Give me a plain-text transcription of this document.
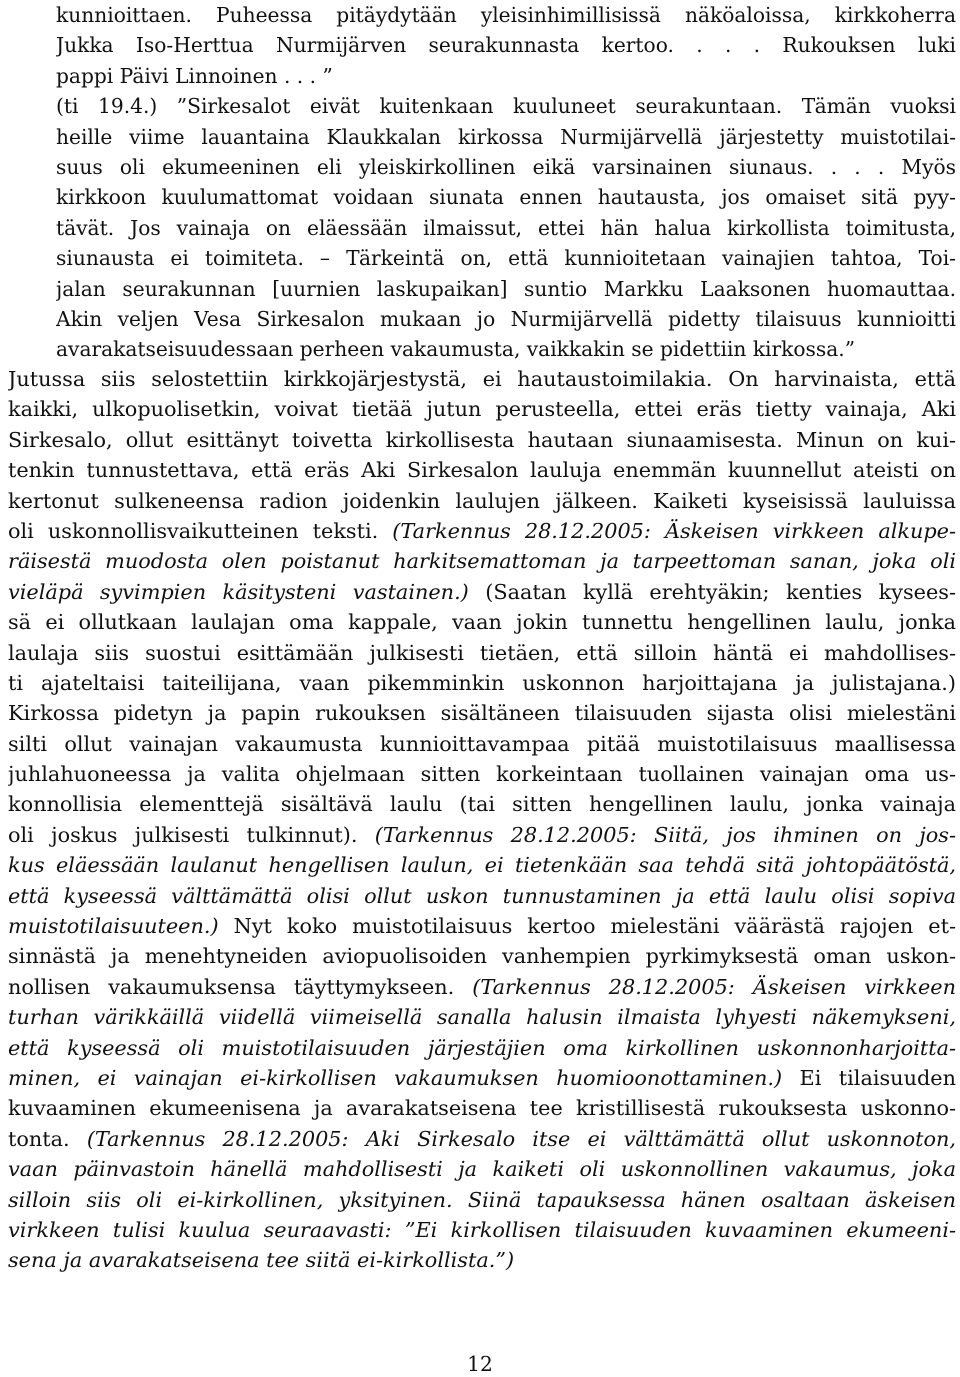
kunnioittaen. Puheessa pitäydytään yleisinhimillisissä näköaloissa, kirkkoherra
Jukka Iso-Herttua Nurmijärven seurakunnasta kertoo. . . . Rukouksen luki
pappi Päivi Linnoinen . . . ”
(ti 19.4.) ”Sirkesalot eivät kuitenkaan kuuluneet seurakuntaan. Tämän vuoksi
heille viime lauantaina Klaukkalan kirkossa Nurmijärvellä järjestetty muistotilai-
suus oli ekumeeninen eli yleiskirkollinen eikä varsinainen siunaus. . . . Myös
kirkkoon kuulumattomat voidaan siunata ennen hautausta, jos omaiset sitä pyy-
tävät. Jos vainaja on eläessään ilmaissut, ettei hän halua kirkollista toimitusta,
siunausta ei toimiteta. – Tärkeintä on, että kunnioitetaan vainajien tahtoa, Toi-
jalan seurakunnan [uurnien laskupaikan] suntio Markku Laaksonen huomauttaa.
Akin veljen Vesa Sirkesalon mukaan jo Nurmijärvellä pidetty tilaisuus kunnioitti
avarakatseisuudessaan perheen vakaumusta, vaikkakin se pidettiin kirkossa.”
Jutussa siis selostettiin kirkkojärjestystä, ei hautaustoimilakia. On harvinaista, että
kaikki, ulkopuolisetkin, voivat tietää jutun perusteella, ettei eräs tietty vainaja, Aki
Sirkesalo, ollut esittänyt toivetta kirkollisesta hautaan siunaamisesta. Minun on kui-
tenkin tunnustettava, että eräs Aki Sirkesalon lauluja enemmän kuunnellut ateisti on
kertonut sulkeneensa radion joidenkin laulujen jälkeen. Kaiketi kyseisissä lauluissa
oli uskonnollisvaikutteinen teksti. (Tarkennus 28.12.2005: Äskeisen virkkeen alkupe-
räisestä muodosta olen poistanut harkitsemattoman ja tarpeettoman sanan, joka oli
vieläpä syvimpien käsitysteni vastainen.) (Saatan kyllä erehtyäkin; kenties kysees-
sä ei ollutkaan laulajan oma kappale, vaan jokin tunnettu hengellinen laulu, jonka
laulaja siis suostui esittämään julkisesti tietäen, että silloin häntä ei mahdollises-
ti ajateltaisi taiteilijana, vaan pikemminkin uskonnon harjoittajana ja julistajana.)
Kirkossa pidetyn ja papin rukouksen sisältäneen tilaisuuden sijasta olisi mielestäni
silti ollut vainajan vakaumusta kunnioittavampaa pitää muistotilaisuus maallisessa
juhlahuoneessa ja valita ohjelmaan sitten korkeintaan tuollainen vainajan oma us-
konnollisia elementtejä sisältävä laulu (tai sitten hengellinen laulu, jonka vainaja
oli joskus julkisesti tulkinnut). (Tarkennus 28.12.2005: Siitä, jos ihminen on jos-
kus eläessään laulanut hengellisen laulun, ei tietenkään saa tehdä sitä johtopäätöstä,
että kyseessä välttämättä olisi ollut uskon tunnustaminen ja että laulu olisi sopiva
muistotilaisuuteen.) Nyt koko muistotilaisuus kertoo mielestäni väärästä rajojen et-
sinnästä ja menehtyneiden aviopuolisoiden vanhempien pyrkimyksestä oman uskon-
nollisen vakaumuksensa täyttymykseen. (Tarkennus 28.12.2005: Äskeisen virkkeen
turhan värikkäillä viidellä viimeisellä sanalla halusin ilmaista lyhyesti näkemykseni,
että kyseessä oli muistotilaisuuden järjestäjien oma kirkollinen uskonnonharjoitta-
minen, ei vainajan ei-kirkollisen vakaumuksen huomioonottaminen.) Ei tilaisuuden
kuvaaminen ekumeenisena ja avarakatseisena tee kristillisestä rukouksesta uskonno-
tonta. (Tarkennus 28.12.2005: Aki Sirkesalo itse ei välttämättä ollut uskonnoton,
vaan päinvastoin hänellä mahdollisesti ja kaiketi oli uskonnollinen vakaumus, joka
silloin siis oli ei-kirkollinen, yksityinen. Siinä tapauksessa hänen osaltaan äskeisen
virkkeen tulisi kuulua seuraavasti: ”Ei kirkollisen tilaisuuden kuvaaminen ekumeeni-
sena ja avarakatseisena tee siitä ei-kirkollista.”)
12
